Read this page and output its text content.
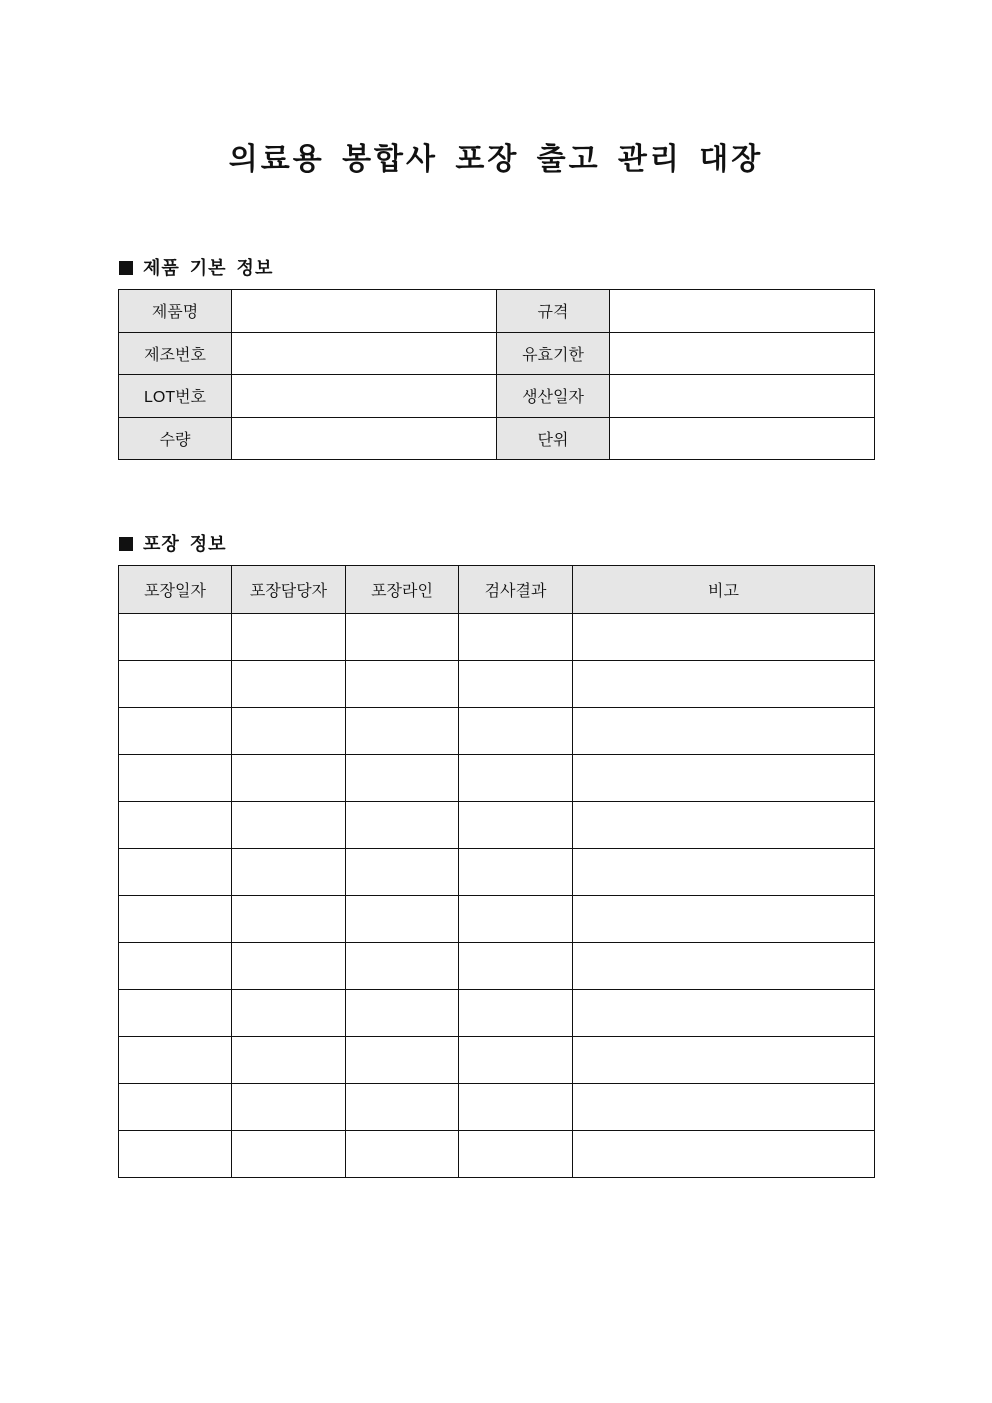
의료용 봉합사 포장 출고 관리 대장
제품 기본 정보
제품명		규격	
제조번호		유효기한	
LOT번호		생산일자	
수량		단위	
포장 정보
포장일자	포장담당자	포장라인	검사결과	비고
